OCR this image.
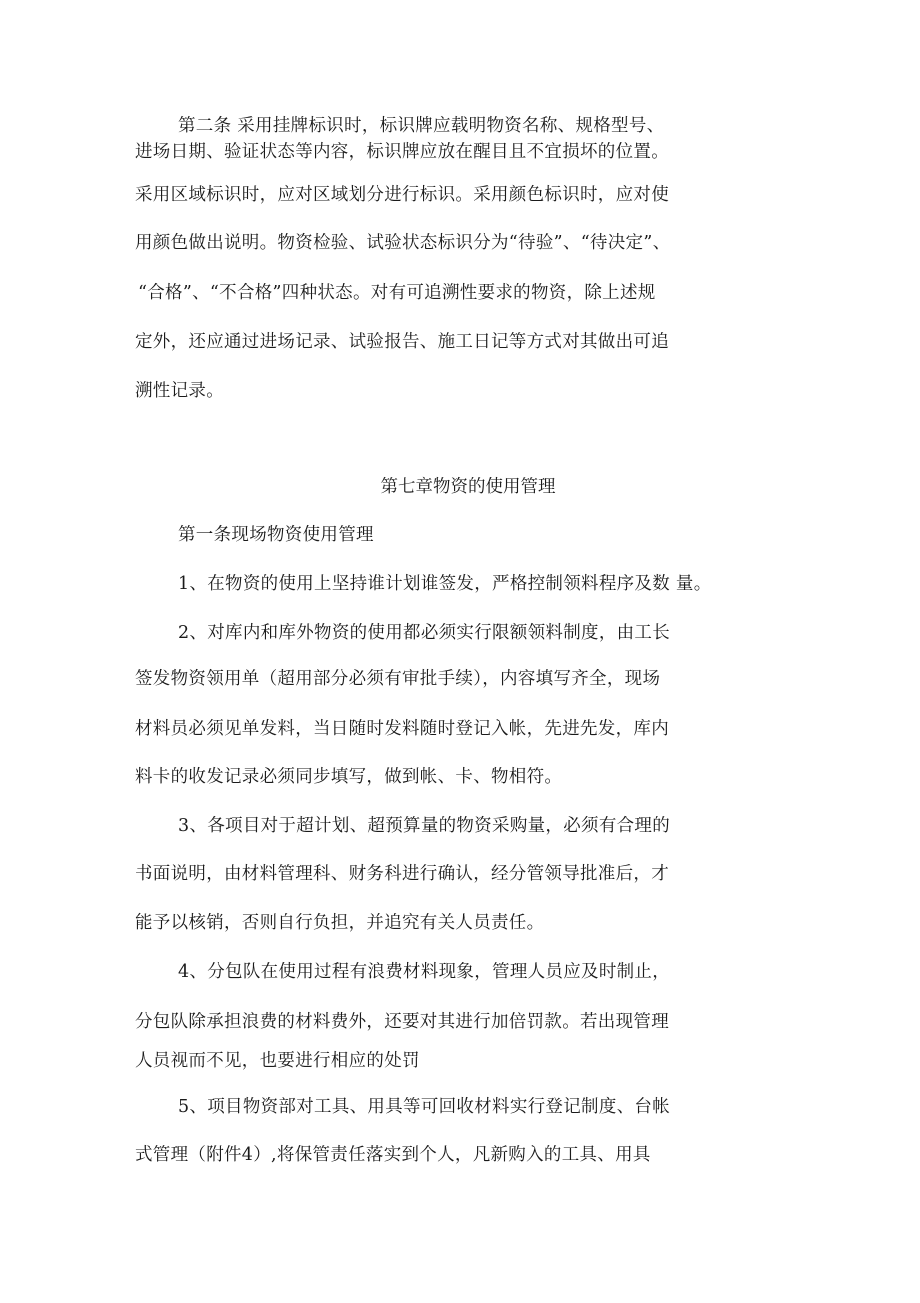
第二条 采用挂牌标识时，标识牌应载明物资名称、规格型号、
进场日期、验证状态等内容，标识牌应放在醒目且不宜损坏的位置。
采用区域标识时，应对区域划分进行标识。采用颜色标识时，应对使
用颜色做出说明。物资检验、试验状态标识分为“待验”、“待决定”、
“合格”、“不合格”四种状态。对有可追溯性要求的物资，除上述规
定外，还应通过进场记录、试验报告、施工日记等方式对其做出可追
溯性记录。
第七章物资的使用管理
第一条现场物资使用管理
1、在物资的使用上坚持谁计划谁签发，严格控制领料程序及数 量。
2、对库内和库外物资的使用都必须实行限额领料制度，由工长
签发物资领用单（超用部分必须有审批手续），内容填写齐全，现场
材料员必须见单发料，当日随时发料随时登记入帐，先进先发，库内
料卡的收发记录必须同步填写，做到帐、卡、物相符。
3、各项目对于超计划、超预算量的物资采购量，必须有合理的
书面说明，由材料管理科、财务科进行确认，经分管领导批准后，才
能予以核销，否则自行负担，并追究有关人员责任。
4、分包队在使用过程有浪费材料现象，管理人员应及时制止，
分包队除承担浪费的材料费外，还要对其进行加倍罚款。若出现管理
人员视而不见，也要进行相应的处罚
5、项目物资部对工具、用具等可回收材料实行登记制度、台帐
式管理（附件4）,将保管责任落实到个人，凡新购入的工具、用具
